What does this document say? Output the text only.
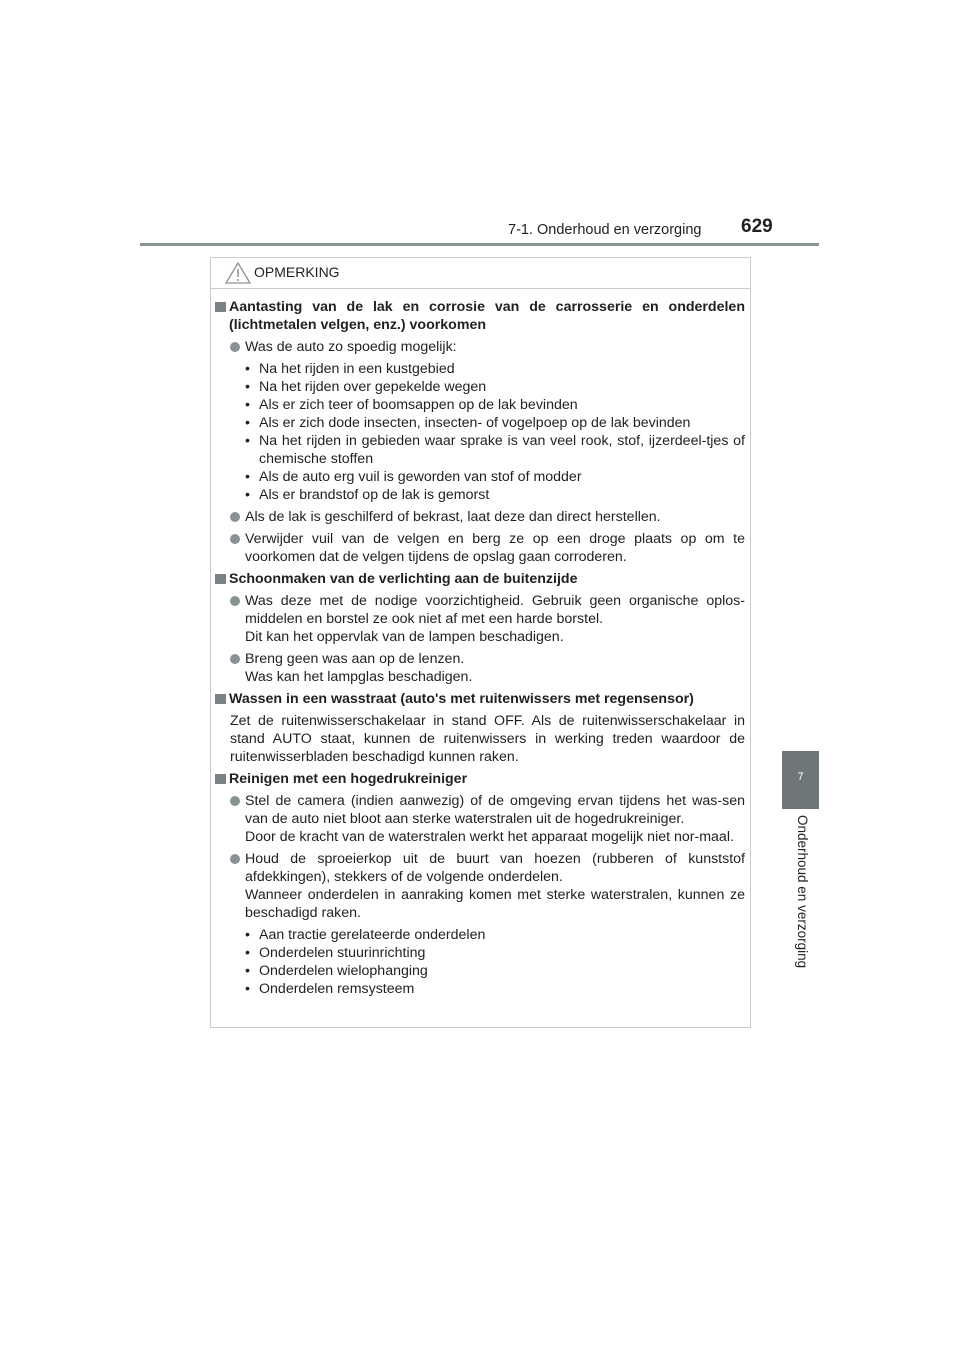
7-1. Onderhoud en verzorging 629
7
Onderhoud en verzorging
OPMERKING
Aantasting van de lak en corrosie van de carrosserie en onderdelen (lichtmetalen velgen, enz.) voorkomen
Was de auto zo spoedig mogelijk:
• Na het rijden in een kustgebied
• Na het rijden over gepekelde wegen
• Als er zich teer of boomsappen op de lak bevinden
• Als er zich dode insecten, insecten- of vogelpoep op de lak bevinden
• Na het rijden in gebieden waar sprake is van veel rook, stof, ijzerdeel-tjes of chemische stoffen
• Als de auto erg vuil is geworden van stof of modder
• Als er brandstof op de lak is gemorst
Als de lak is geschilferd of bekrast, laat deze dan direct herstellen.
Verwijder vuil van de velgen en berg ze op een droge plaats op om te voorkomen dat de velgen tijdens de opslag gaan corroderen.
Schoonmaken van de verlichting aan de buitenzijde
Was deze met de nodige voorzichtigheid. Gebruik geen organische oplos-middelen en borstel ze ook niet af met een harde borstel.
Dit kan het oppervlak van de lampen beschadigen.
Breng geen was aan op de lenzen.
Was kan het lampglas beschadigen.
Wassen in een wasstraat (auto's met ruitenwissers met regensensor)
Zet de ruitenwisserschakelaar in stand OFF. Als de ruitenwisserschakelaar in stand AUTO staat, kunnen de ruitenwissers in werking treden waardoor de ruitenwisserbladen beschadigd kunnen raken.
Reinigen met een hogedrukreiniger
Stel de camera (indien aanwezig) of de omgeving ervan tijdens het was-sen van de auto niet bloot aan sterke waterstralen uit de hogedrukreiniger.
Door de kracht van de waterstralen werkt het apparaat mogelijk niet nor-maal.
Houd de sproeierkop uit de buurt van hoezen (rubberen of kunststof afdekkingen), stekkers of de volgende onderdelen.
Wanneer onderdelen in aanraking komen met sterke waterstralen, kunnen ze beschadigd raken.
• Aan tractie gerelateerde onderdelen
• Onderdelen stuurinrichting
• Onderdelen wielophanging
• Onderdelen remsysteem
